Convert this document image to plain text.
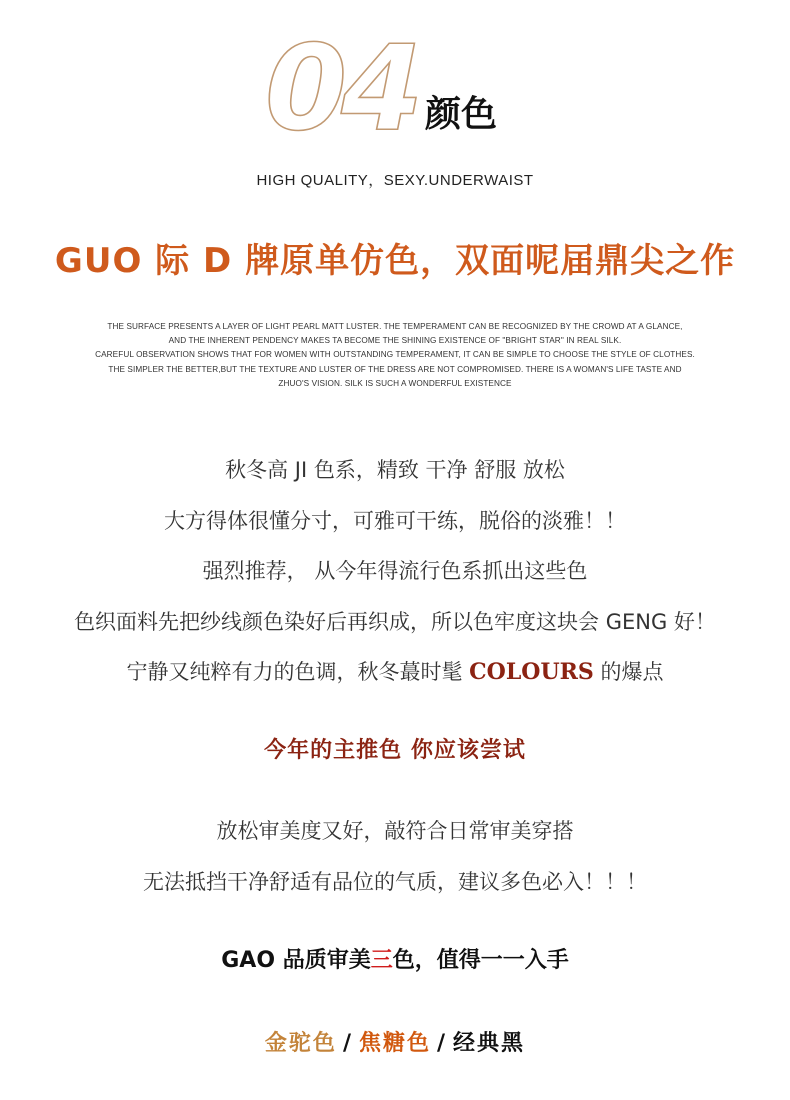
04 颜色
HIGH QUALITY，SEXY.UNDERWAIST
GUO 际 D 牌原单仿色，双面呢届鼎尖之作
THE SURFACE PRESENTS A LAYER OF LIGHT PEARL MATT LUSTER. THE TEMPERAMENT CAN BE RECOGNIZED BY THE CROWD AT A GLANCE,
AND THE INHERENT PENDENCY MAKES TA BECOME THE SHINING EXISTENCE OF "BRIGHT STAR" IN REAL SILK.
CAREFUL OBSERVATION SHOWS THAT FOR WOMEN WITH OUTSTANDING TEMPERAMENT, IT CAN BE SIMPLE TO CHOOSE THE STYLE OF CLOTHES.
THE SIMPLER THE BETTER,BUT THE TEXTURE AND LUSTER OF THE DRESS ARE NOT COMPROMISED. THERE IS A WOMAN'S LIFE TASTE AND
ZHUO'S VISION. SILK IS SUCH A WONDERFUL EXISTENCE
秋冬高 JI 色系，精致 干净 舒服 放松
大方得体很懂分寸，可雅可干练，脱俗的淡雅！！
强烈推荐， 从今年得流行色系抓出这些色
色织面料先把纱线颜色染好后再织成，所以色牢度这块会 GENG 好！
宁静又纯粹有力的色调，秋冬蕞时髦 COLOURS 的爆点
今年的主推色 你应该尝试
放松审美度又好，敲符合日常审美穿搭
无法抵挡干净舒适有品位的气质，建议多色必入！！！
GAO 品质审美三色，值得一一入手
金驼色 / 焦糖色 / 经典黑
